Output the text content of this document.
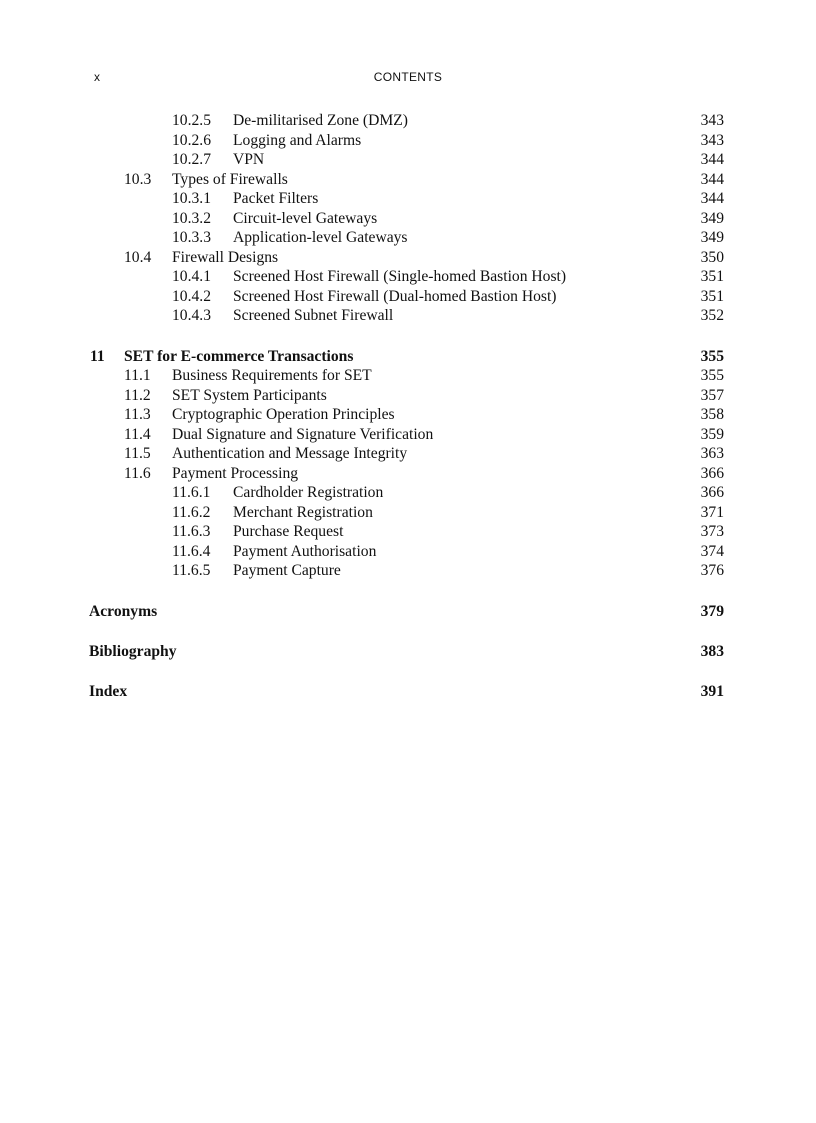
x	CONTENTS
10.2.5 De-militarised Zone (DMZ)	343
10.2.6 Logging and Alarms	343
10.2.7 VPN	344
10.3 Types of Firewalls	344
10.3.1 Packet Filters	344
10.3.2 Circuit-level Gateways	349
10.3.3 Application-level Gateways	349
10.4 Firewall Designs	350
10.4.1 Screened Host Firewall (Single-homed Bastion Host)	351
10.4.2 Screened Host Firewall (Dual-homed Bastion Host)	351
10.4.3 Screened Subnet Firewall	352
11 SET for E-commerce Transactions	355
11.1 Business Requirements for SET	355
11.2 SET System Participants	357
11.3 Cryptographic Operation Principles	358
11.4 Dual Signature and Signature Verification	359
11.5 Authentication and Message Integrity	363
11.6 Payment Processing	366
11.6.1 Cardholder Registration	366
11.6.2 Merchant Registration	371
11.6.3 Purchase Request	373
11.6.4 Payment Authorisation	374
11.6.5 Payment Capture	376
Acronyms	379
Bibliography	383
Index	391
